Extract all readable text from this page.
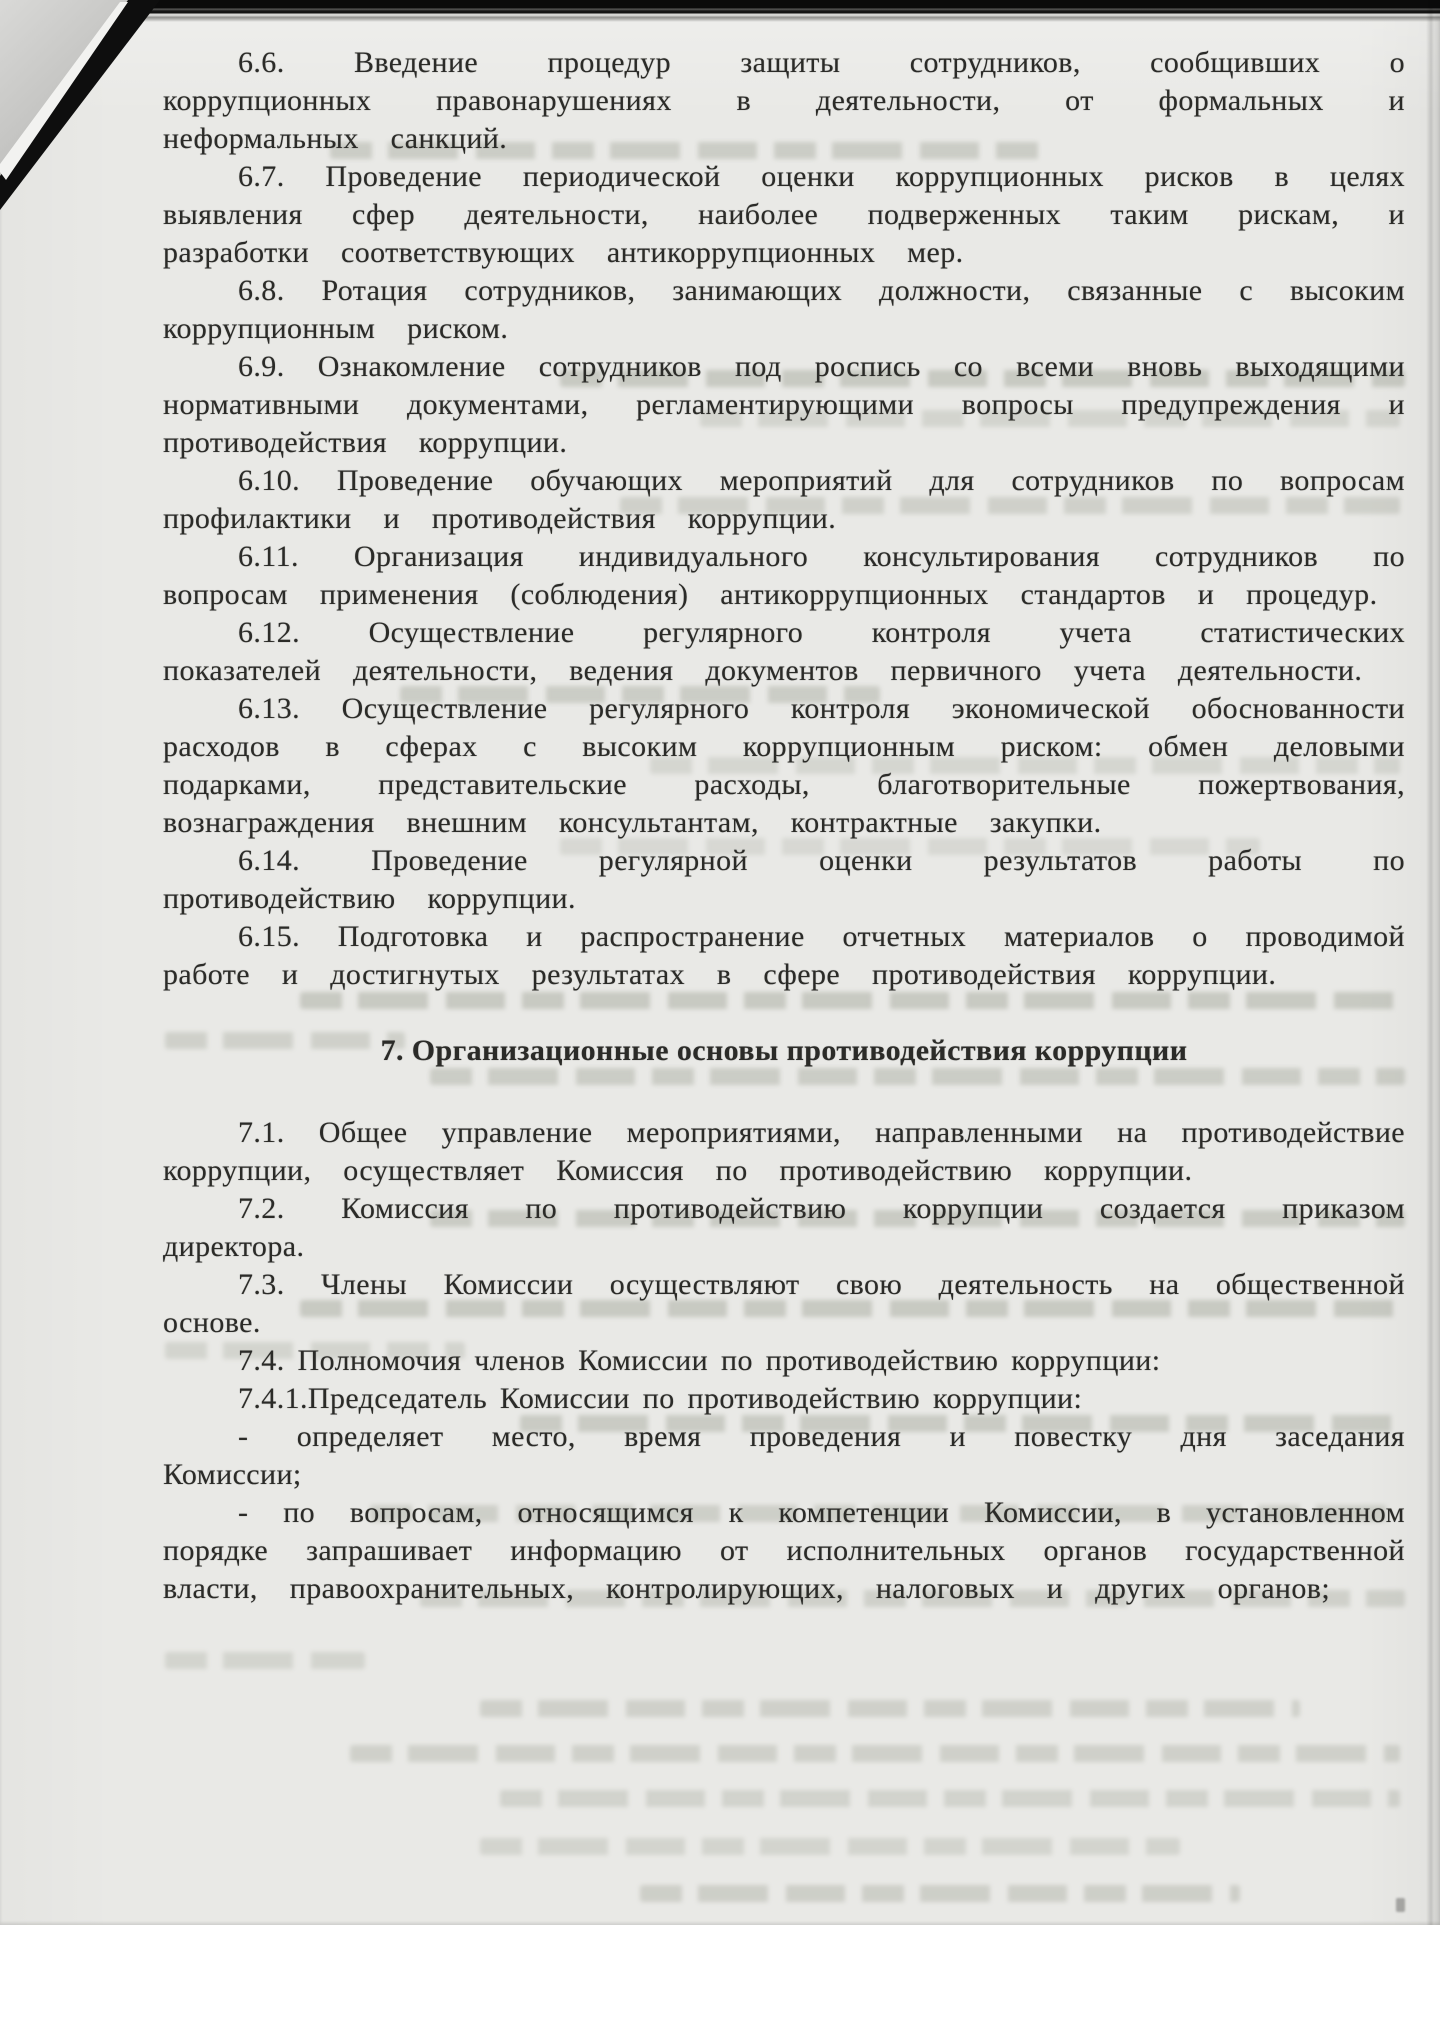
6.6. Введение процедур защиты сотрудников, сообщивших о коррупционных правонарушениях в деятельности, от формальных и неформальных санкций.

6.7. Проведение периодической оценки коррупционных рисков в целях выявления сфер деятельности, наиболее подверженных таким рискам, и разработки соответствующих антикоррупционных мер.

6.8. Ротация сотрудников, занимающих должности, связанные с высоким коррупционным риском.

6.9. Ознакомление сотрудников под роспись со всеми вновь выходящими нормативными документами, регламентирующими вопросы предупреждения и противодействия коррупции.

6.10. Проведение обучающих мероприятий для сотрудников по вопросам профилактики и противодействия коррупции.

6.11. Организация индивидуального консультирования сотрудников по вопросам применения (соблюдения) антикоррупционных стандартов и процедур.

6.12. Осуществление регулярного контроля учета статистических показателей деятельности, ведения документов первичного учета деятельности.

6.13. Осуществление регулярного контроля экономической обоснованности расходов в сферах с высоким коррупционным риском: обмен деловыми подарками, представительские расходы, благотворительные пожертвования, вознаграждения внешним консультантам, контрактные закупки.

6.14. Проведение регулярной оценки результатов работы по противодействию коррупции.

6.15. Подготовка и распространение отчетных материалов о проводимой работе и достигнутых результатах в сфере противодействия коррупции.

7. Организационные основы противодействия коррупции

7.1. Общее управление мероприятиями, направленными на противодействие коррупции, осуществляет Комиссия по противодействию коррупции.

7.2. Комиссия по противодействию коррупции создается приказом директора.

7.3. Члены Комиссии осуществляют свою деятельность на общественной основе.

7.4. Полномочия членов Комиссии по противодействию коррупции:

7.4.1.Председатель Комиссии по противодействию коррупции:

- определяет место, время проведения и повестку дня заседания Комиссии;

- по вопросам, относящимся к компетенции Комиссии, в установленном порядке запрашивает информацию от исполнительных органов государственной власти, правоохранительных, контролирующих, налоговых и других органов;
